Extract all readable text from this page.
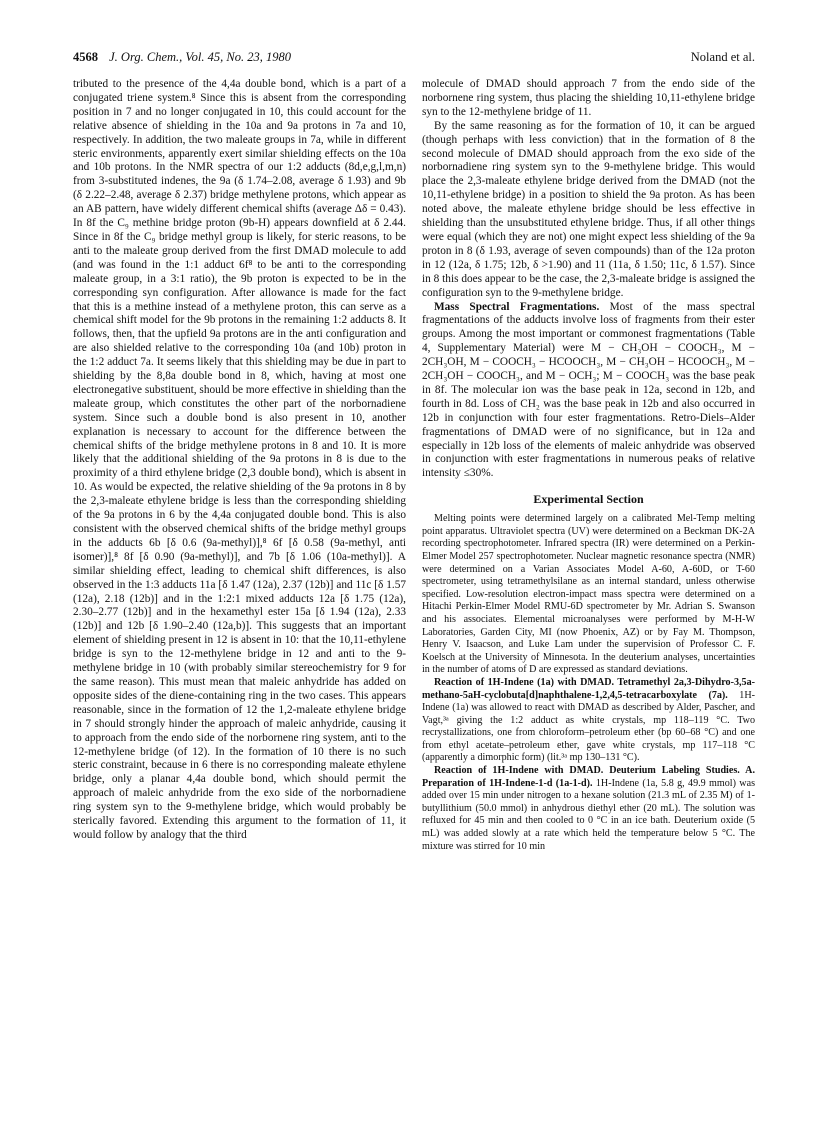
4568 J. Org. Chem., Vol. 45, No. 23, 1980	Noland et al.

tributed to the presence of the 4,4a double bond, which is a part of a conjugated triene system.⁸ Since this is absent from the corresponding position in 7 and no longer conjugated in 10, this could account for the relative absence of shielding in the 10a and 9a protons in 7a and 10, respectively. In addition, the two maleate groups in 7a, while in different steric environments, apparently exert similar shielding effects on the 10a and 10b protons. In the NMR spectra of our 1:2 adducts (8d,e,g,l,m,n) from 3-substituted indenes, the 9a (δ 1.74–2.08, average δ 1.93) and 9b (δ 2.22–2.48, average δ 2.37) bridge methylene protons, which appear as an AB pattern, have widely different chemical shifts (average Δδ = 0.43). In 8f the C₉ methine bridge proton (9b-H) appears downfield at δ 2.44. Since in 8f the C₉ bridge methyl group is likely, for steric reasons, to be anti to the maleate group derived from the first DMAD molecule to add (and was found in the 1:1 adduct 6f⁸ to be anti to the corresponding maleate group, in a 3:1 ratio), the 9b proton is expected to be in the corresponding syn configuration. After allowance is made for the fact that this is a methine instead of a methylene proton, this can serve as a chemical shift model for the 9b protons in the remaining 1:2 adducts 8. It follows, then, that the upfield 9a protons are in the anti configuration and are also shielded relative to the corresponding 10a (and 10b) proton in the 1:2 adduct 7a. It seems likely that this shielding may be due in part to shielding by the 8,8a double bond in 8, which, having at most one electronegative substituent, should be more effective in shielding than the maleate group, which constitutes the other part of the norbornadiene system. Since such a double bond is also present in 10, another explanation is necessary to account for the difference between the chemical shifts of the bridge methylene protons in 8 and 10. It is more likely that the additional shielding of the 9a protons in 8 is due to the proximity of a third ethylene bridge (2,3 double bond), which is absent in 10. As would be expected, the relative shielding of the 9a protons in 8 by the 2,3-maleate ethylene bridge is less than the corresponding shielding of the 9a protons in 6 by the 4,4a conjugated double bond. This is also consistent with the observed chemical shifts of the bridge methyl groups in the adducts 6b [δ 0.6 (9a-methyl)],⁸ 6f [δ 0.58 (9a-methyl, anti isomer)],⁸ 8f [δ 0.90 (9a-methyl)], and 7b [δ 1.06 (10a-methyl)]. A similar shielding effect, leading to chemical shift differences, is also observed in the 1:3 adducts 11a [δ 1.47 (12a), 2.37 (12b)] and 11c [δ 1.57 (12a), 2.18 (12b)] and in the 1:2:1 mixed adducts 12a [δ 1.75 (12a), 2.30–2.77 (12b)] and in the hexamethyl ester 15a [δ 1.94 (12a), 2.33 (12b)] and 12b [δ 1.90–2.40 (12a,b)]. This suggests that an important element of shielding present in 12 is absent in 10: that the 10,11-ethylene bridge is syn to the 12-methylene bridge in 12 and anti to the 9-methylene bridge in 10 (with probably similar stereochemistry for 9 for the same reason). This must mean that maleic anhydride has added on opposite sides of the diene-containing ring in the two cases. This appears reasonable, since in the formation of 12 the 1,2-maleate ethylene bridge in 7 should strongly hinder the approach of maleic anhydride, causing it to approach from the endo side of the norbornene ring system, anti to the 12-methylene bridge (of 12). In the formation of 10 there is no such steric constraint, because in 6 there is no corresponding maleate ethylene bridge, only a planar 4,4a double bond, which should permit the approach of maleic anhydride from the exo side of the norbornadiene ring system syn to the 9-methylene bridge, which would probably be sterically favored. Extending this argument to the formation of 11, it would follow by analogy that the third

molecule of DMAD should approach 7 from the endo side of the norbornene ring system, thus placing the shielding 10,11-ethylene bridge syn to the 12-methylene bridge of 11.

By the same reasoning as for the formation of 10, it can be argued (though perhaps with less conviction) that in the formation of 8 the second molecule of DMAD should approach from the exo side of the norbornadiene ring system syn to the 9-methylene bridge. This would place the 2,3-maleate ethylene bridge derived from the DMAD (not the 10,11-ethylene bridge) in a position to shield the 9a proton. As has been noted above, the maleate ethylene bridge should be less effective in shielding than the unsubstituted ethylene bridge. Thus, if all other things were equal (which they are not) one might expect less shielding of the 9a proton in 8 (δ 1.93, average of seven compounds) than of the 12a proton in 12 (12a, δ 1.75; 12b, δ >1.90) and 11 (11a, δ 1.50; 11c, δ 1.57). Since in 8 this does appear to be the case, the 2,3-maleate bridge is assigned the configuration syn to the 9-methylene bridge.

Mass Spectral Fragmentations. Most of the mass spectral fragmentations of the adducts involve loss of fragments from their ester groups. Among the most important or commonest fragmentations (Table 4, Supplementary Material) were M − CH₃OH − COOCH₃, M − 2CH₃OH, M − COOCH₃ − HCOOCH₃, M − CH₃OH − HCOOCH₃, M − 2CH₃OH − COOCH₃, and M − OCH₃; M − COOCH₃ was the base peak in 8f. The molecular ion was the base peak in 12a, second in 12b, and fourth in 8d. Loss of CH₂ was the base peak in 12b and also occurred in 12b in conjunction with four ester fragmentations. Retro-Diels–Alder fragmentations of DMAD were of no significance, but in 12a and especially in 12b loss of the elements of maleic anhydride was observed in conjunction with ester fragmentations in numerous peaks of relative intensity ≤30%.

Experimental Section

Melting points were determined largely on a calibrated Mel-Temp melting point apparatus. Ultraviolet spectra (UV) were determined on a Beckman DK-2A recording spectrophotometer. Infrared spectra (IR) were determined on a Perkin-Elmer Model 257 spectrophotometer. Nuclear magnetic resonance spectra (NMR) were determined on a Varian Associates Model A-60, A-60D, or T-60 spectrometer, using tetramethylsilane as an internal standard, unless otherwise specified. Low-resolution electron-impact mass spectra were determined on a Hitachi Perkin-Elmer Model RMU-6D spectrometer by Mr. Adrian S. Swanson and his associates. Elemental microanalyses were performed by M-H-W Laboratories, Garden City, MI (now Phoenix, AZ) or by Fay M. Thompson, Henry V. Isaacson, and Luke Lam under the supervision of Professor C. F. Koelsch at the University of Minnesota. In the deuterium analyses, uncertainties in the number of atoms of D are expressed as standard deviations.

Reaction of 1H-Indene (1a) with DMAD. Tetramethyl 2a,3-Dihydro-3,5a-methano-5aH-cyclobuta[d]naphthalene-1,2,4,5-tetracarboxylate (7a). 1H-Indene (1a) was allowed to react with DMAD as described by Alder, Pascher, and Vagt,³ᵃ giving the 1:2 adduct as white crystals, mp 118–119 °C. Two recrystallizations, one from chloroform–petroleum ether (bp 60–68 °C) and one from ethyl acetate–petroleum ether, gave white crystals, mp 117–118 °C (apparently a dimorphic form) (lit.³ᵃ mp 130–131 °C).

Reaction of 1H-Indene with DMAD. Deuterium Labeling Studies. A. Preparation of 1H-Indene-1-d (1a-1-d). 1H-Indene (1a, 5.8 g, 49.9 mmol) was added over 15 min under nitrogen to a hexane solution (21.3 mL of 2.35 M) of 1-butyllithium (50.0 mmol) in anhydrous diethyl ether (20 mL). The solution was refluxed for 45 min and then cooled to 0 °C in an ice bath. Deuterium oxide (5 mL) was added slowly at a rate which held the temperature below 5 °C. The mixture was stirred for 10 min
